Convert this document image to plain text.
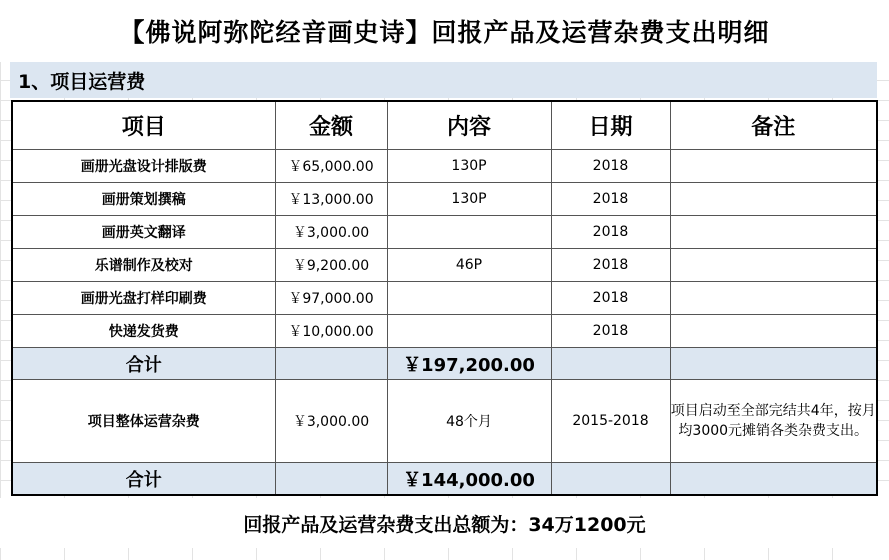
【佛说阿弥陀经音画史诗】回报产品及运营杂费支出明细
1、项目运营费
项目	金额	内容	日期	备注
画册光盘设计排版费	￥65,000.00	130P	2018	
画册策划撰稿	￥13,000.00	130P	2018	
画册英文翻译	￥3,000.00		2018	
乐谱制作及校对	￥9,200.00	46P	2018	
画册光盘打样印刷费	￥97,000.00		2018	
快递发货费	￥10,000.00		2018	
合计		￥197,200.00		
项目整体运营杂费	￥3,000.00	48个月	2015-2018	项目启动至全部完结共4年，按月均3000元摊销各类杂费支出。
合计		￥144,000.00		
回报产品及运营杂费支出总额为：34万1200元
